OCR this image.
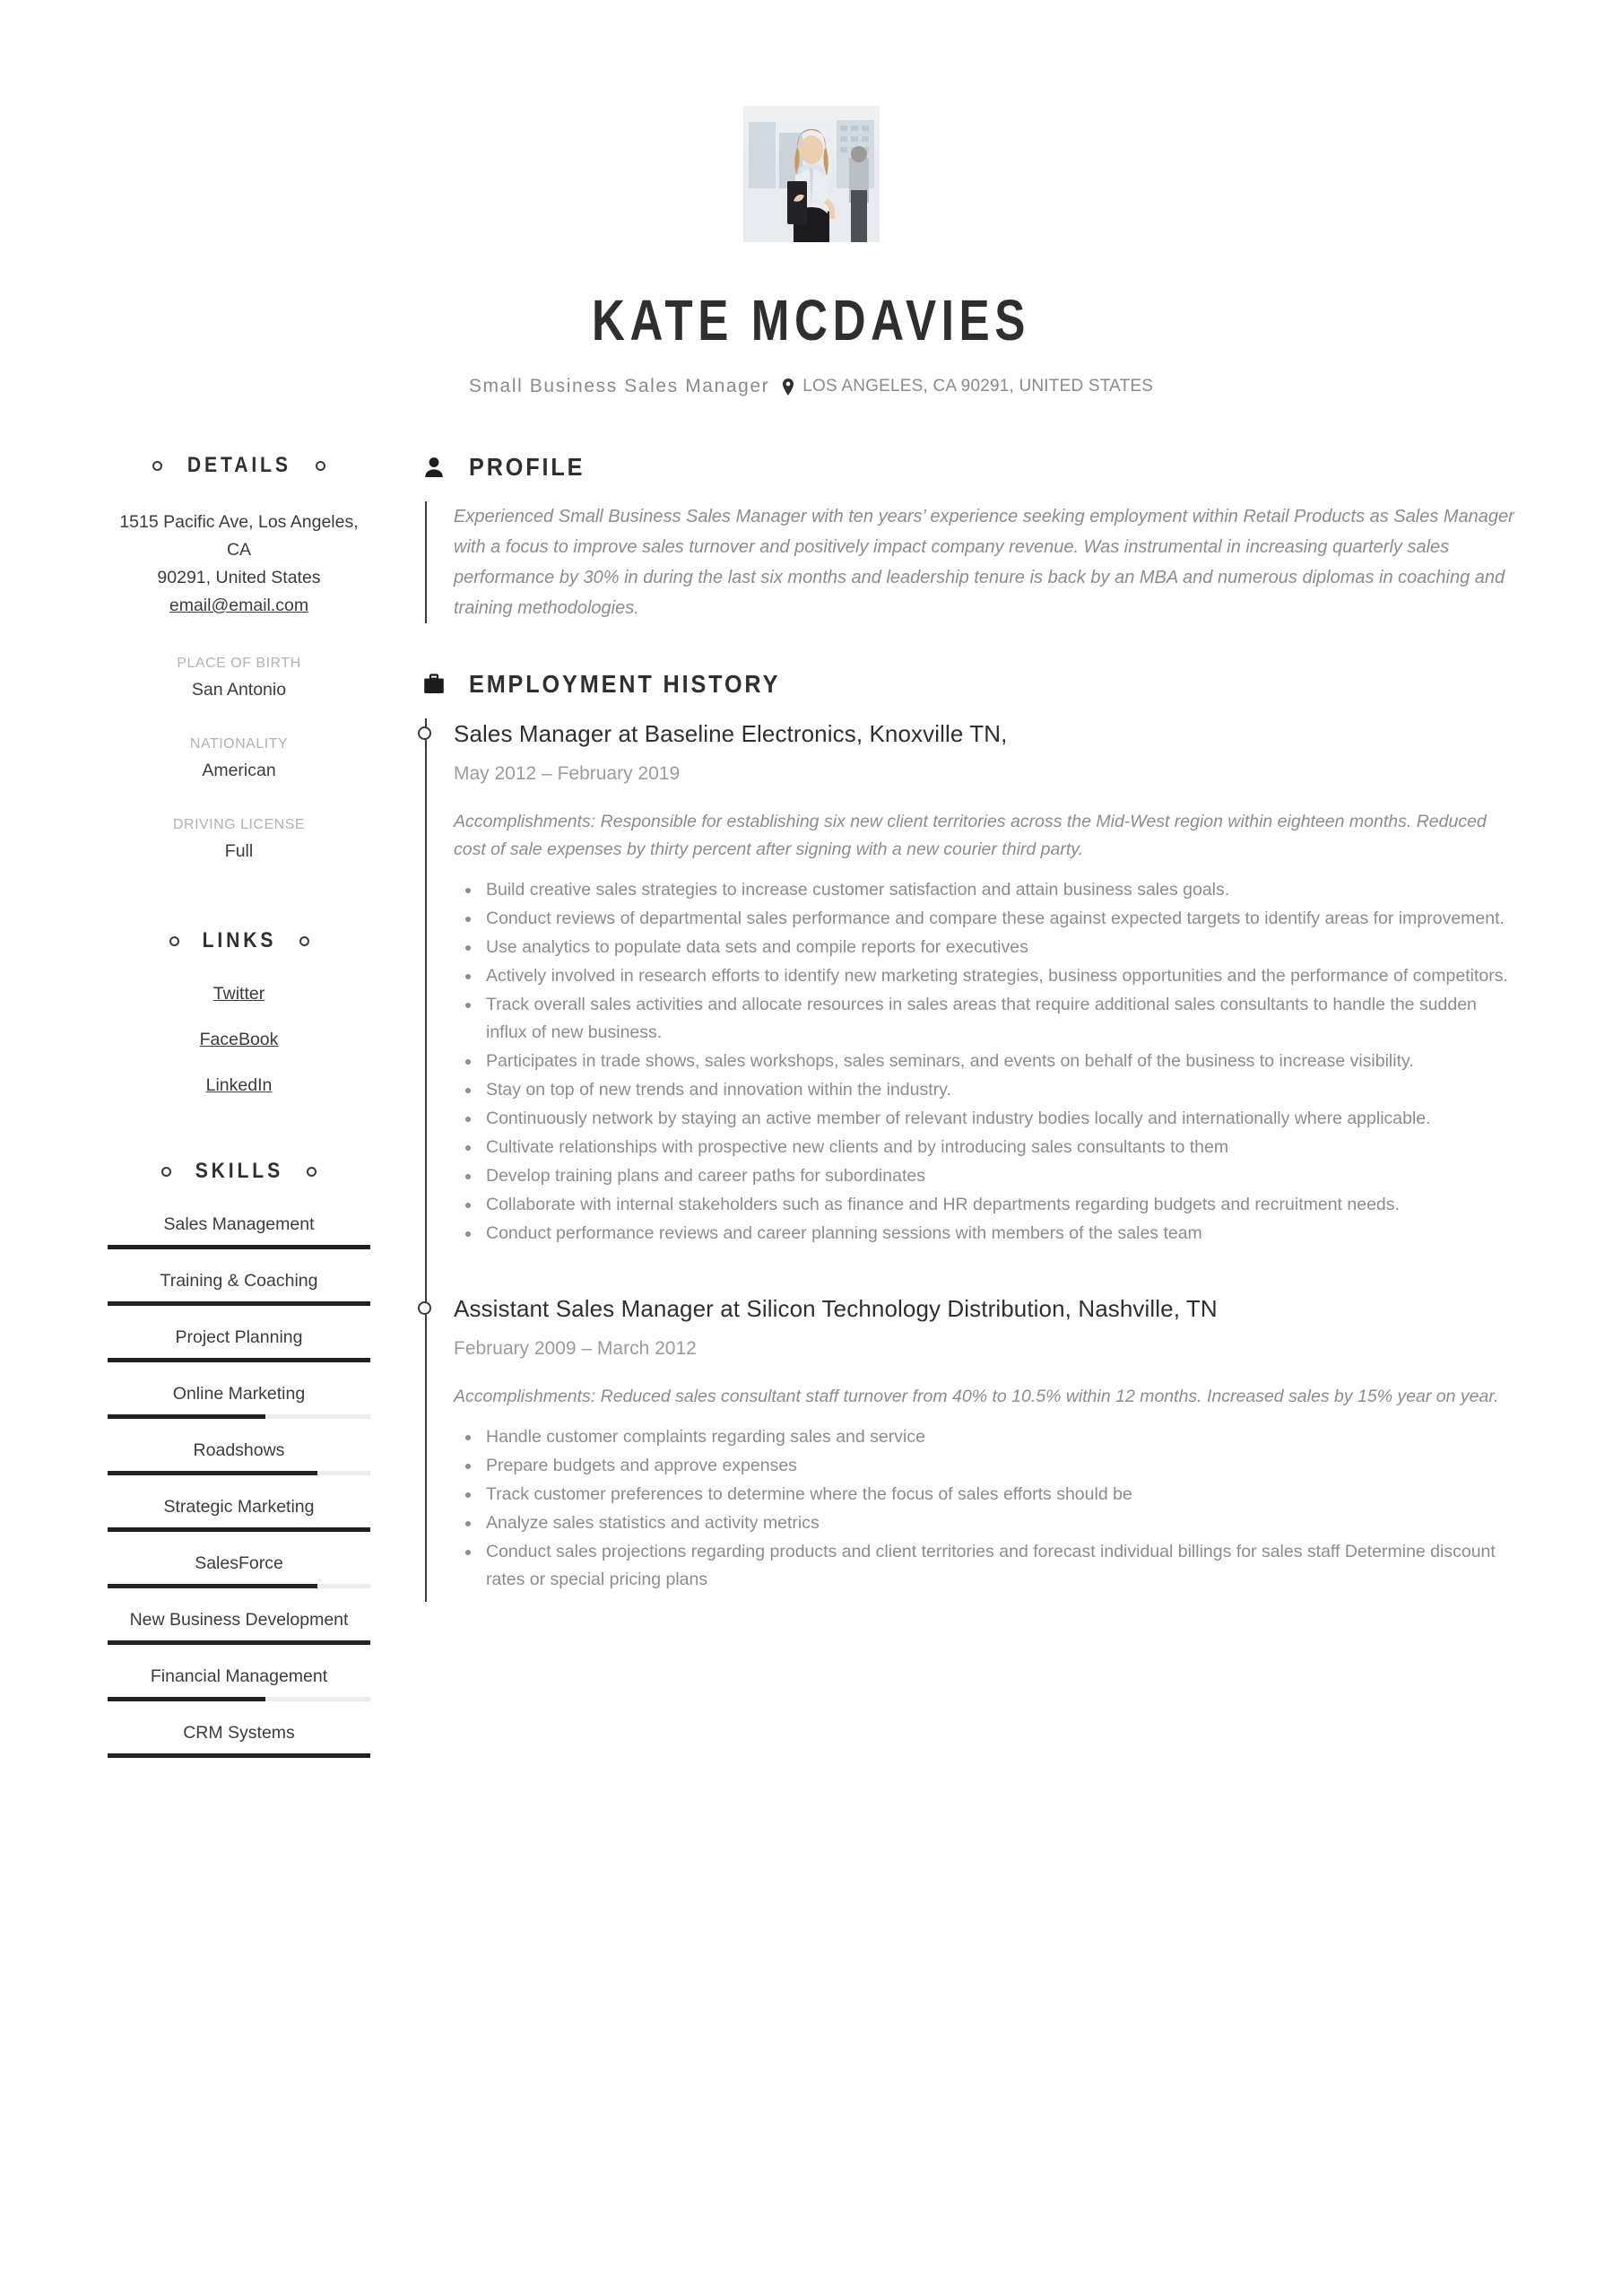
KATE MCDAVIES
Small Business Sales Manager LOS ANGELES, CA 90291, UNITED STATES
DETAILS
1515 Pacific Ave, Los Angeles, CA
90291, United States
email@email.com
PLACE OF BIRTH
San Antonio
NATIONALITY
American
DRIVING LICENSE
Full
LINKS
Twitter
FaceBook
LinkedIn
SKILLS
Sales Management
Training & Coaching
Project Planning
Online Marketing
Roadshows
Strategic Marketing
SalesForce
New Business Development
Financial Management
CRM Systems
PROFILE

Experienced Small Business Sales Manager with ten years’ experience seeking employment within Retail Products as Sales Manager with a focus to improve sales turnover and positively impact company revenue. Was instrumental in increasing quarterly sales performance by 30% in during the last six months and leadership tenure is back by an MBA and numerous diplomas in coaching and training methodologies.

EMPLOYMENT HISTORY
Sales Manager at Baseline Electronics, Knoxville TN,
May 2012 – February 2019
Accomplishments: Responsible for establishing six new client territories across the Mid-West region within eighteen months. Reduced cost of sale expenses by thirty percent after signing with a new courier third party.
Build creative sales strategies to increase customer satisfaction and attain business sales goals.
Conduct reviews of departmental sales performance and compare these against expected targets to identify areas for improvement.
Use analytics to populate data sets and compile reports for executives
Actively involved in research efforts to identify new marketing strategies, business opportunities and the performance of competitors.
Track overall sales activities and allocate resources in sales areas that require additional sales consultants to handle the sudden influx of new business.
Participates in trade shows, sales workshops, sales seminars, and events on behalf of the business to increase visibility.
Stay on top of new trends and innovation within the industry.
Continuously network by staying an active member of relevant industry bodies locally and internationally where applicable.
Cultivate relationships with prospective new clients and by introducing sales consultants to them
Develop training plans and career paths for subordinates
Collaborate with internal stakeholders such as finance and HR departments regarding budgets and recruitment needs.
Conduct performance reviews and career planning sessions with members of the sales team
Assistant Sales Manager at Silicon Technology Distribution, Nashville, TN
February 2009 – March 2012
Accomplishments: Reduced sales consultant staff turnover from 40% to 10.5% within 12 months. Increased sales by 15% year on year.
Handle customer complaints regarding sales and service
Prepare budgets and approve expenses
Track customer preferences to determine where the focus of sales efforts should be
Analyze sales statistics and activity metrics
Conduct sales projections regarding products and client territories and forecast individual billings for sales staff Determine discount rates or special pricing plans
